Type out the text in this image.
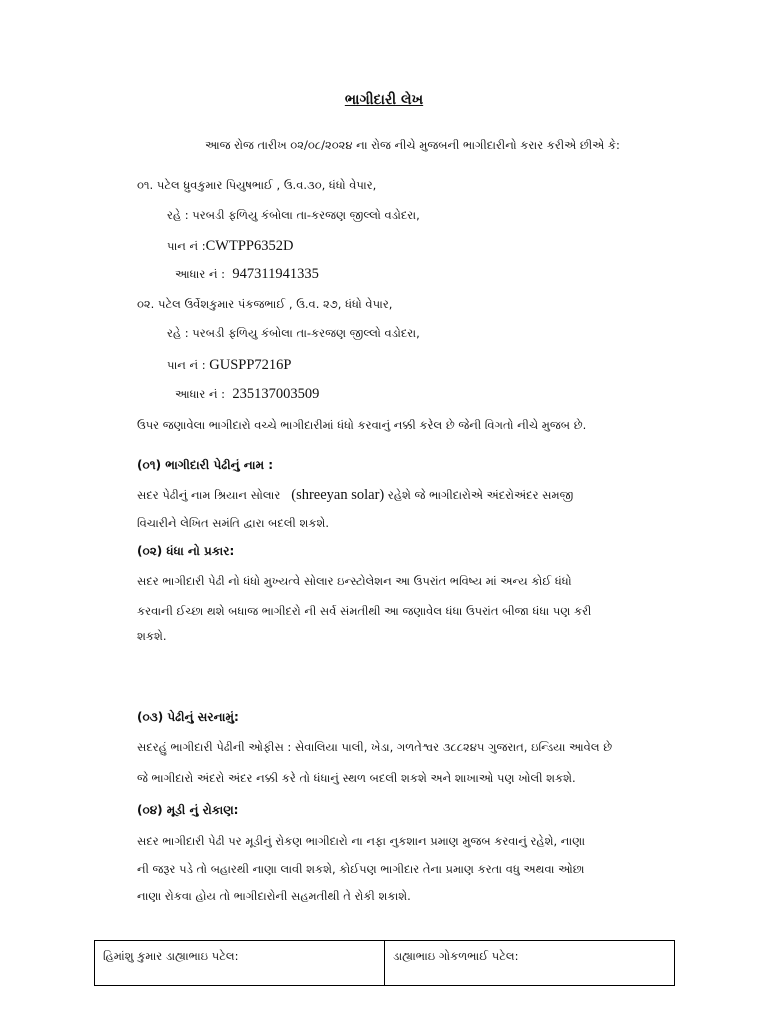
ભાગીદારી લેખ
આજ રોજ તારીખ ૦૨/૦૮/૨૦૨૪ ના રોજ નીચે મુજબની ભાગીદારીનો કરાર કરીએ છીએ કે:
૦૧. પટેલ ધ્રુવકુમાર પિયુષભાઈ , ઉ.વ.૩૦, ધંધો વેપાર,
રહે : પરબડી ફળિયુ કંબોલા તા-કરજણ જીલ્લો વડોદરા,
પાન નં :CWTPP6352D
આધાર નં : 947311941335
૦૨. પટેલ ઉર્વેશકુમાર પંકજભાઈ , ઉ.વ. ૨૭, ધંધો વેપાર,
રહે : પરબડી ફળિયુ કંબોલા તા-કરજણ જીલ્લો વડોદરા,
પાન નં : GUSPP7216P
આધાર નં : 235137003509
ઉપર જણાવેલા ભાગીદારો વચ્ચે ભાગીદારીમાં ધંધો કરવાનું નક્કી કરેલ છે જેની વિગતો નીચે મુજબ છે.
(૦૧) ભાગીદારી પેઢીનું નામ :
સદર પેઢીનું નામ શ્રિયાન સોલાર (shreeyan solar) રહેશે જે ભાગીદારોએ અંદરોઅંદર સમજી
વિચારીને લેખિત સમંતિ દ્વારા બદલી શકશે.
(૦૨) ધંધા નો પ્રકાર:
સદર ભાગીદારી પેઢી નો ધંધો મુખ્યત્વે સોલાર ઇન્સ્ટોલેશન આ ઉપરાંત ભવિષ્ય માં અન્ય કોઈ ધંધો
કરવાની ઈચ્છા થશે બધાજ ભાગીદરો ની સર્વ સંમતીથી આ જણાવેલ ધંધા ઉપરાંત બીજા ધંધા પણ કરી
શકશે.
(૦૩) પેઢીનું સરનામું:
સદરહું ભાગીદારી પેઢીની ઓફીસ : સેવાલિયા પાલી, ખેડા, ગળતેશ્વર ૩૮૮૨૪૫ ગુજરાત, ઇન્ડિયા આવેલ છે
જે ભાગીદારો અંદરો અંદર નક્કી કરે તો ધંધાનું સ્થળ બદલી શકશે અને શાખાઓ પણ ખોલી શકશે.
(૦૪) મૂડી નું રોકાણ:
સદર ભાગીદારી પેઢી પર મૂડીનું રોકણ ભાગીદારો ના નફા નુકશાન પ્રમાણ મુજબ કરવાનું રહેશે, નાણા
ની જરૂર પડે તો બહારથી નાણા લાવી શકશે, કોઈપણ ભાગીદાર તેના પ્રમાણ કરતા વધુ અથવા ઓછા
નાણા રોકવા હોય તો ભાગીદારોની સહમતીથી તે રોકી શકાશે.
હિમાંશુ કુમાર ડાહ્યાભાઇ પટેલ:	ડાહ્યાભાઇ ગોકળભાઈ પટેલ:
